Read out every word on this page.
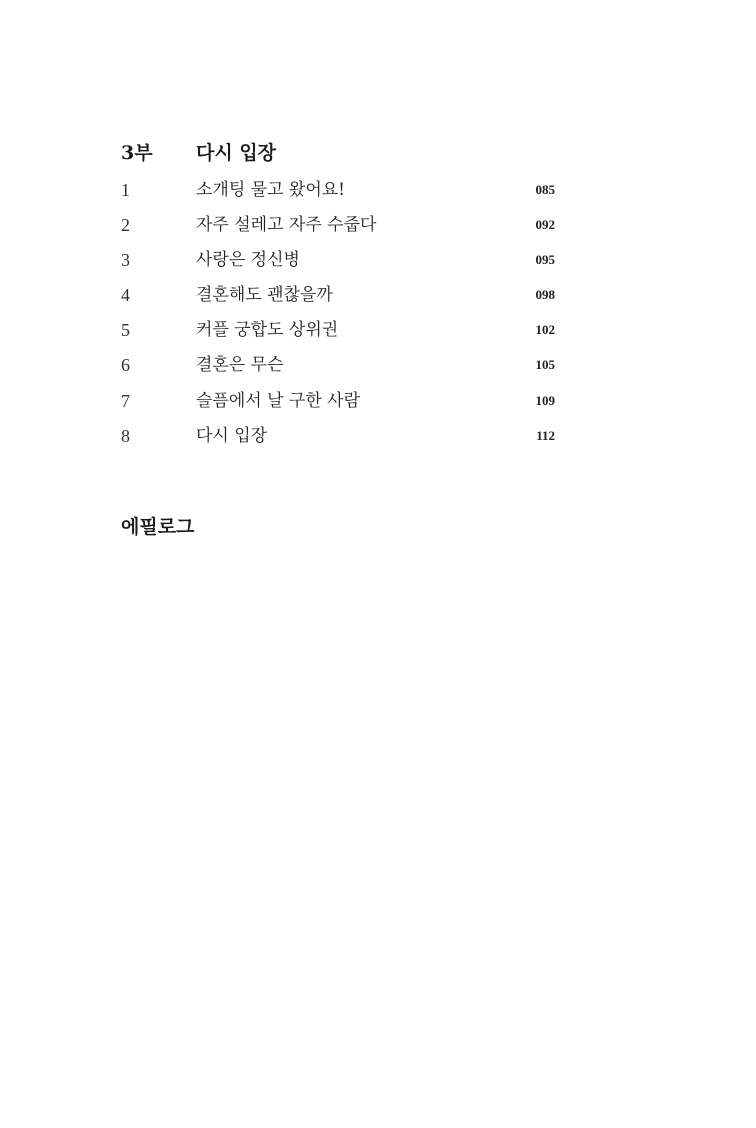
3부 다시 입장
1	소개팅 물고 왔어요!	085
2	자주 설레고 자주 수줍다	092
3	사랑은 정신병	095
4	결혼해도 괜찮을까	098
5	커플 궁합도 상위권	102
6	결혼은 무슨	105
7	슬픔에서 날 구한 사람	109
8	다시 입장	112
에필로그
